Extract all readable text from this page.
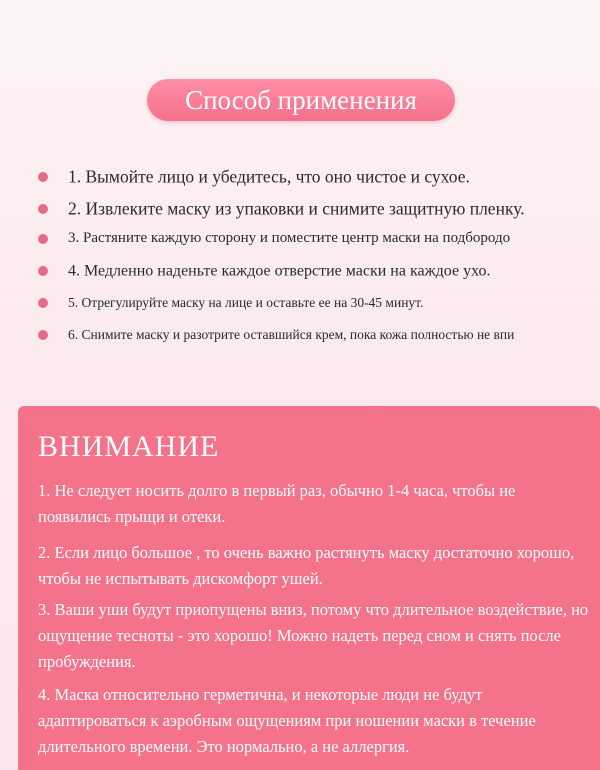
Способ применения
1. Вымойте лицо и убедитесь, что оно чистое и сухое.
2. Извлеките маску из упаковки и снимите защитную пленку.
3. Растяните каждую сторону и поместите центр маски на подбородо
4. Медленно наденьте каждое отверстие маски на каждое ухо.
5. Отрегулируйте маску на лице и оставьте ее на 30-45 минут.
6. Снимите маску и разотрите оставшийся крем, пока кожа полностью не впи
ВНИМАНИЕ
1. Не следует носить долго в первый раз, обычно 1-4 часа, чтобы не появились прыщи и отеки.
2. Если лицо большое , то очень важно растянуть маску достаточно хорошо, чтобы не испытывать дискомфорт ушей.
3. Ваши уши будут приопущены вниз, потому что длительное воздействие, но ощущение тесноты - это хорошо! Можно надеть перед сном и снять после пробуждения.
4. Маска относительно герметична, и некоторые люди не будут адаптироваться к аэробным ощущениям при ношении маски в течение длительного времени. Это нормально, а не аллергия.
